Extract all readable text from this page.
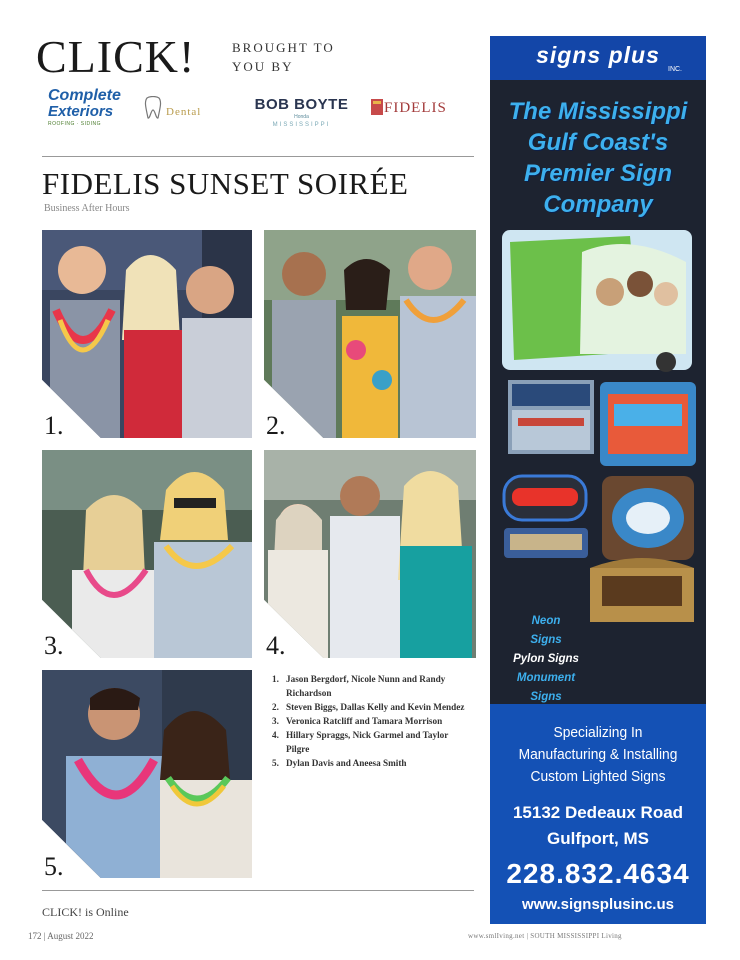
CLICK!	BROUGHT TO YOU BY
Complete
Exteriors
ROOFING · SIDING
Dental	BOB BOYTE
Honda
MISSISSIPPI
FIDELIS
FIDELIS SUNSET SOIRÉE
Business After Hours
1.	2.
3.	4.
5.
1. Jason Bergdorf, Nicole Nunn and Randy Richardson
2. Steven Biggs, Dallas Kelly and Kevin Mendez
3. Veronica Ratcliff and Tamara Morrison
4. Hillary Spraggs, Nick Garmel and Taylor Pilgre
5. Dylan Davis and Aneesa Smith
CLICK! is Online
172 | August 2022	www.smlIving.net | SOUTH MISSISSIPPI Living
signs plus
INC.
The Mississippi
Gulf Coast's
Premier Sign
Company
Neon
Signs
Pylon Signs
Monument
Signs
Specializing In
Manufacturing & Installing
Custom Lighted Signs
15132 Dedeaux Road
Gulfport, MS
228.832.4634
www.signsplusinc.us
